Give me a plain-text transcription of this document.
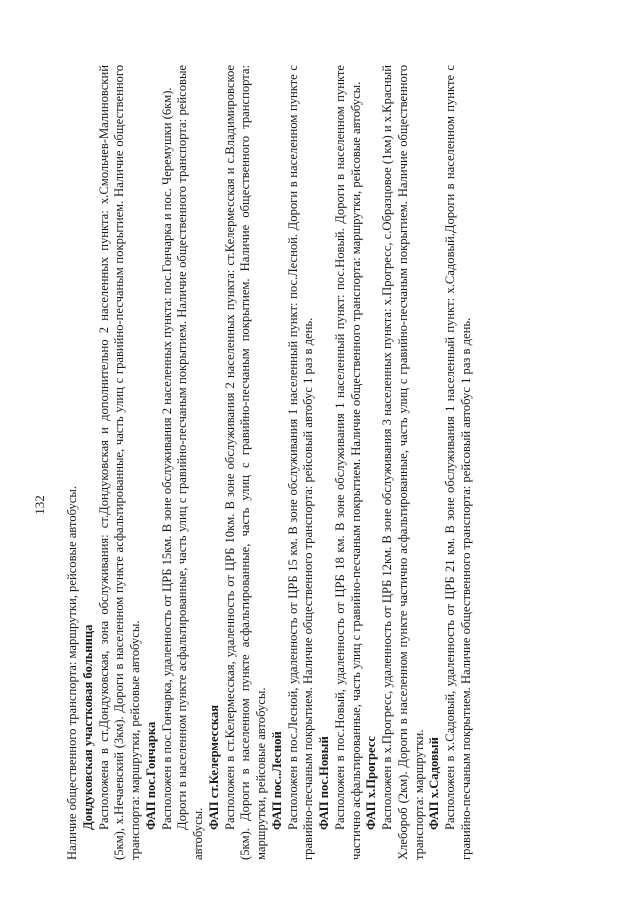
132 Наличие общественного транспорта: маршрутки, рейсовые автобусы. Дондуковская участковая больница Расположена в ст.Дондуковская, зона обслуживания: ст.Дондуковская и дополнительно 2 населенных пункта: х.Смольчев-Малиновский (5км), х.Нечаевский (3км). Дороги в населенном пункте асфальтированные, часть улиц с гравийно-песчаным покрытием. Наличие общественного транспорта: маршрутки, рейсовые автобусы. ФАП пос.Гончарка Расположен в пос.Гончарка, удаленность от ЦРБ 15км. В зоне обслуживания 2 населенных пункта: пос.Гончарка и пос. Черемушки (6км). Дороги в населенном пункте асфальтированные, часть улиц с гравийно-песчаным покрытием. Наличие общественного транспорта: рейсовые автобусы.

ФАП ст.Келермесская Расположен в ст.Келермесская, удаленность от ЦРБ 10км. В зоне обслуживания 2 населенных пункта: ст.Келермесская и с.Владимировское (5км). Дороги в населенном пункте асфальтированные, часть улиц с гравийно-песчаным покрытием. Наличие общественного транспорта: маршрутки, рейсовые автобусы. ФАП пос..Лесной Расположен в пос.Лесной, удаленность от ЦРБ 15 км. В зоне обслуживания 1 населенный пункт: пос.Лесной. Дороги в населенном пункте с гравийно-песчаным покрытием. Наличие общественного транспорта: рейсовый автобус 1 раз в день. ФАП пос.Новый Расположен в пос.Новый, удаленность от ЦРБ 18 км. В зоне обслуживания 1 населенный пункт: пос.Новый. Дороги в населенном пункте частично асфальтированные, часть улиц с гравийно-песчаным покрытием. Наличие общественного транспорта: маршрутки, рейсовые автобусы. ФАП х.Прогресс Расположен в х.Прогресс, удаленность от ЦРБ 12км. В зоне обслуживания 3 населенных пункта: х.Прогресс, с.Образцовое (1км) и х.Красный Хлебороб (2км). Дороги в населенном пункте частично асфальтированные, часть улиц с гравийно-песчаным покрытием. Наличие общественного транспорта: маршрутки. ФАП х.Садовый Расположен в х.Садовый, удаленность от ЦРБ 21 км. В зоне обслуживания 1 населенный пункт: х.Садовый.Дороги в населенном пункте с гравийно-песчаным покрытием. Наличие общественного транспорта: рейсовый автобус 1 раз в день.
